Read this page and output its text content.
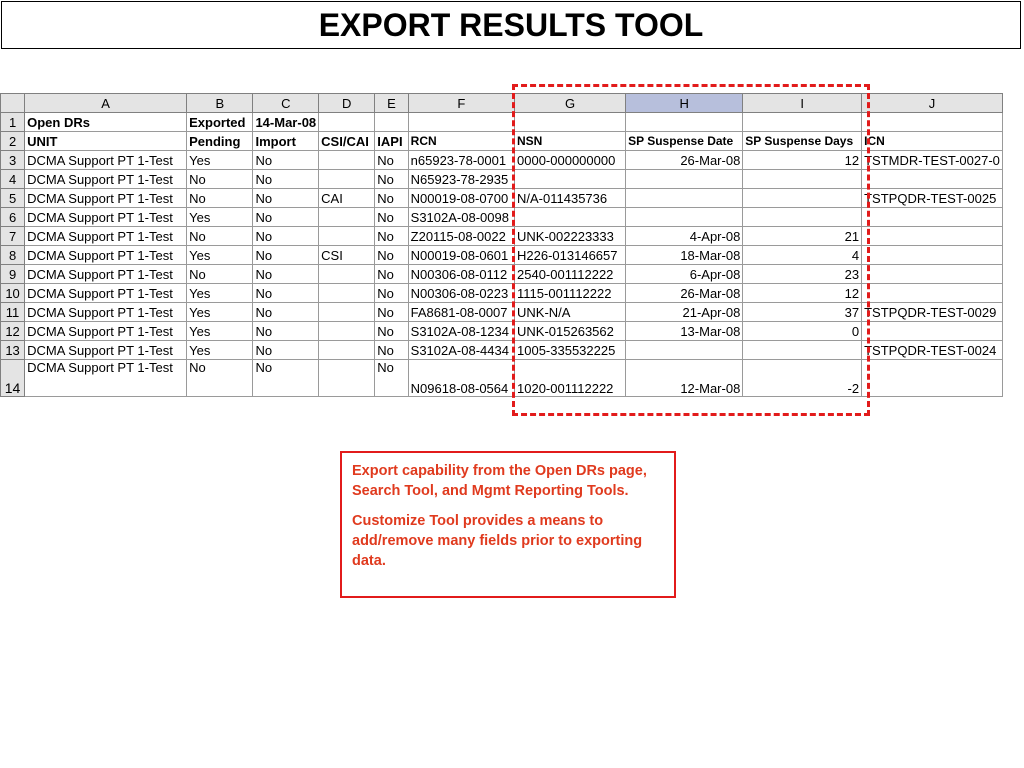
EXPORT RESULTS TOOL
	A	B	C	D	E	F	G	H	I	J
1	Open DRs	Exported	14-Mar-08							
2	UNIT	Pending	Import	CSI/CAI	IAPI	RCN	NSN	SP Suspense Date	SP Suspense Days	ICN
3	DCMA Support PT 1-Test	Yes	No		No	n65923-78-0001	0000-000000000	26-Mar-08	12	TSTMDR-TEST-0027-0
4	DCMA Support PT 1-Test	No	No		No	N65923-78-2935				
5	DCMA Support PT 1-Test	No	No	CAI	No	N00019-08-0700	N/A-011435736			TSTPQDR-TEST-0025
6	DCMA Support PT 1-Test	Yes	No		No	S3102A-08-0098				
7	DCMA Support PT 1-Test	No	No		No	Z20115-08-0022	UNK-002223333	4-Apr-08	21	
8	DCMA Support PT 1-Test	Yes	No	CSI	No	N00019-08-0601	H226-013146657	18-Mar-08	4	
9	DCMA Support PT 1-Test	No	No		No	N00306-08-0112	2540-001112222	6-Apr-08	23	
10	DCMA Support PT 1-Test	Yes	No		No	N00306-08-0223	1115-001112222	26-Mar-08	12	
11	DCMA Support PT 1-Test	Yes	No		No	FA8681-08-0007	UNK-N/A	21-Apr-08	37	TSTPQDR-TEST-0029
12	DCMA Support PT 1-Test	Yes	No		No	S3102A-08-1234	UNK-015263562	13-Mar-08	0	
13	DCMA Support PT 1-Test	Yes	No		No	S3102A-08-4434	1005-335532225			TSTPQDR-TEST-0024
14	DCMA Support PT 1-Test	No	No		No	N09618-08-0564	1020-001112222	12-Mar-08	-2	

Export capability from the Open DRs page, Search Tool, and Mgmt Reporting Tools.

Customize Tool provides a means to add/remove many fields prior to exporting data.
